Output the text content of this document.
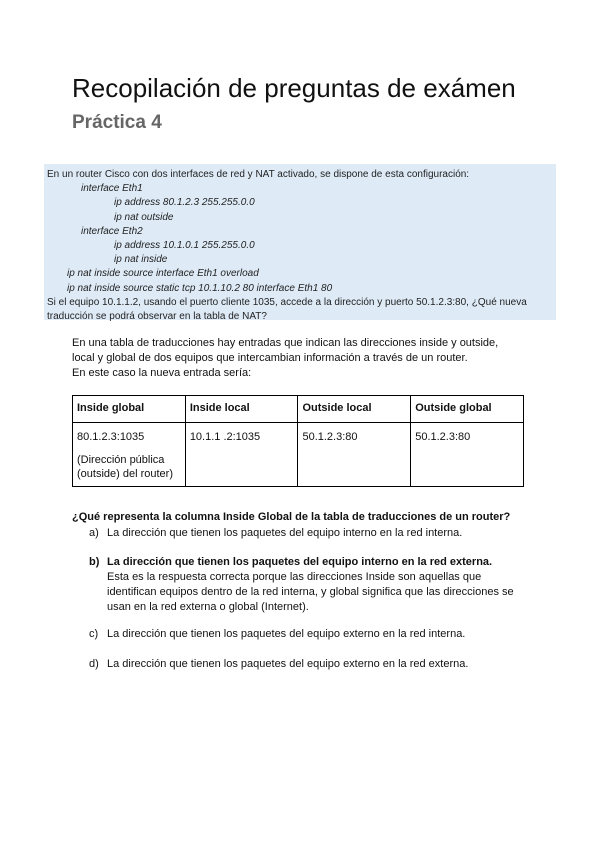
Recopilación de preguntas de exámen
Práctica 4
En un router Cisco con dos interfaces de red y NAT activado, se dispone de esta configuración:
interface Eth1
ip address 80.1.2.3 255.255.0.0
ip nat outside
interface Eth2
ip address 10.1.0.1 255.255.0.0
ip nat inside
ip nat inside source interface Eth1 overload
ip nat inside source static tcp 10.1.10.2 80 interface Eth1 80
Si el equipo 10.1.1.2, usando el puerto cliente 1035, accede a la dirección y puerto 50.1.2.3:80, ¿Qué nueva
traducción se podrá observar en la tabla de NAT?
En una tabla de traducciones hay entradas que indican las direcciones inside y outside,
local y global de dos equipos que intercambian información a través de un router.
En este caso la nueva entrada sería:
Inside global	Inside local	Outside local	Outside global

80.1.2.3:1035
(Dirección pública (outside) del router)	10.1.1 .2:1035	50.1.2.3:80	50.1.2.3:80
¿Qué representa la columna Inside Global de la tabla de traducciones de un router?
a) La dirección que tienen los paquetes del equipo interno en la red interna.
b) La dirección que tienen los paquetes del equipo interno en la red externa.
Esta es la respuesta correcta porque las direcciones Inside son aquellas que
identifican equipos dentro de la red interna, y global significa que las direcciones se
usan en la red externa o global (Internet).
c) La dirección que tienen los paquetes del equipo externo en la red interna.
d) La dirección que tienen los paquetes del equipo externo en la red externa.
